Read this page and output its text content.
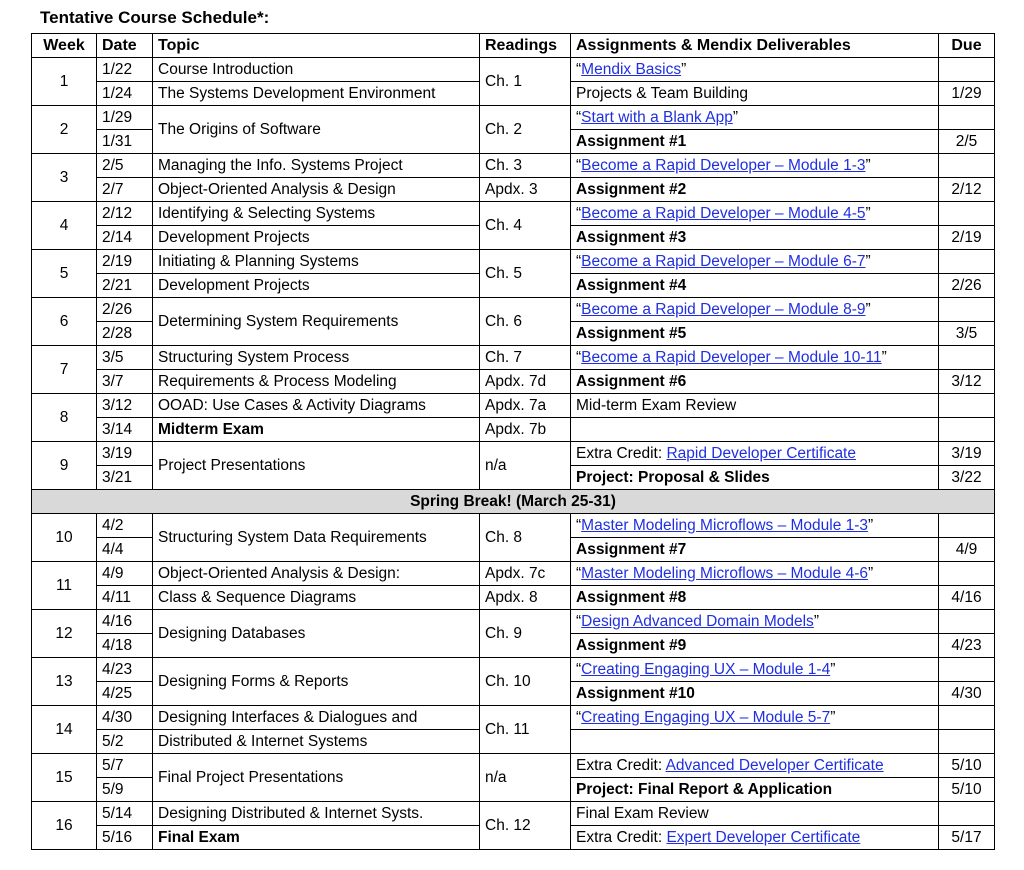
Tentative Course Schedule*:
Week	Date	Topic	Readings	Assignments & Mendix Deliverables	Due
1	1/22	Course Introduction	Ch. 1	“Mendix Basics”	
	1/24	The Systems Development Environment		Projects & Team Building	1/29
2	1/29	The Origins of Software	Ch. 2	“Start with a Blank App”	
	1/31			Assignment #1	2/5
3	2/5	Managing the Info. Systems Project	Ch. 3	“Become a Rapid Developer – Module 1-3”	
	2/7	Object-Oriented Analysis & Design	Apdx. 3	Assignment #2	2/12
4	2/12	Identifying & Selecting Systems	Ch. 4	“Become a Rapid Developer – Module 4-5”	
	2/14	Development Projects		Assignment #3	2/19
5	2/19	Initiating & Planning Systems	Ch. 5	“Become a Rapid Developer – Module 6-7”	
	2/21	Development Projects		Assignment #4	2/26
6	2/26	Determining System Requirements	Ch. 6	“Become a Rapid Developer – Module 8-9”	
	2/28			Assignment #5	3/5
7	3/5	Structuring System Process	Ch. 7	“Become a Rapid Developer – Module 10-11”	
	3/7	Requirements & Process Modeling	Apdx. 7d	Assignment #6	3/12
8	3/12	OOAD: Use Cases & Activity Diagrams	Apdx. 7a	Mid-term Exam Review	
	3/14	Midterm Exam	Apdx. 7b		
9	3/19	Project Presentations	n/a	Extra Credit: Rapid Developer Certificate	3/19
	3/21			Project: Proposal & Slides	3/22
Spring Break! (March 25-31)					
10	4/2	Structuring System Data Requirements	Ch. 8	“Master Modeling Microflows – Module 1-3”	
	4/4			Assignment #7	4/9
11	4/9	Object-Oriented Analysis & Design:	Apdx. 7c	“Master Modeling Microflows – Module 4-6”	
	4/11	Class & Sequence Diagrams	Apdx. 8	Assignment #8	4/16
12	4/16	Designing Databases	Ch. 9	“Design Advanced Domain Models”	
	4/18			Assignment #9	4/23
13	4/23	Designing Forms & Reports	Ch. 10	“Creating Engaging UX – Module 1-4”	
	4/25			Assignment #10	4/30
14	4/30	Designing Interfaces & Dialogues and	Ch. 11	“Creating Engaging UX – Module 5-7”	
	5/2	Distributed & Internet Systems			
15	5/7	Final Project Presentations	n/a	Extra Credit: Advanced Developer Certificate	5/10
	5/9			Project: Final Report & Application	5/10
16	5/14	Designing Distributed & Internet Systs.	Ch. 12	Final Exam Review	
	5/16	Final Exam		Extra Credit: Expert Developer Certificate	5/17
